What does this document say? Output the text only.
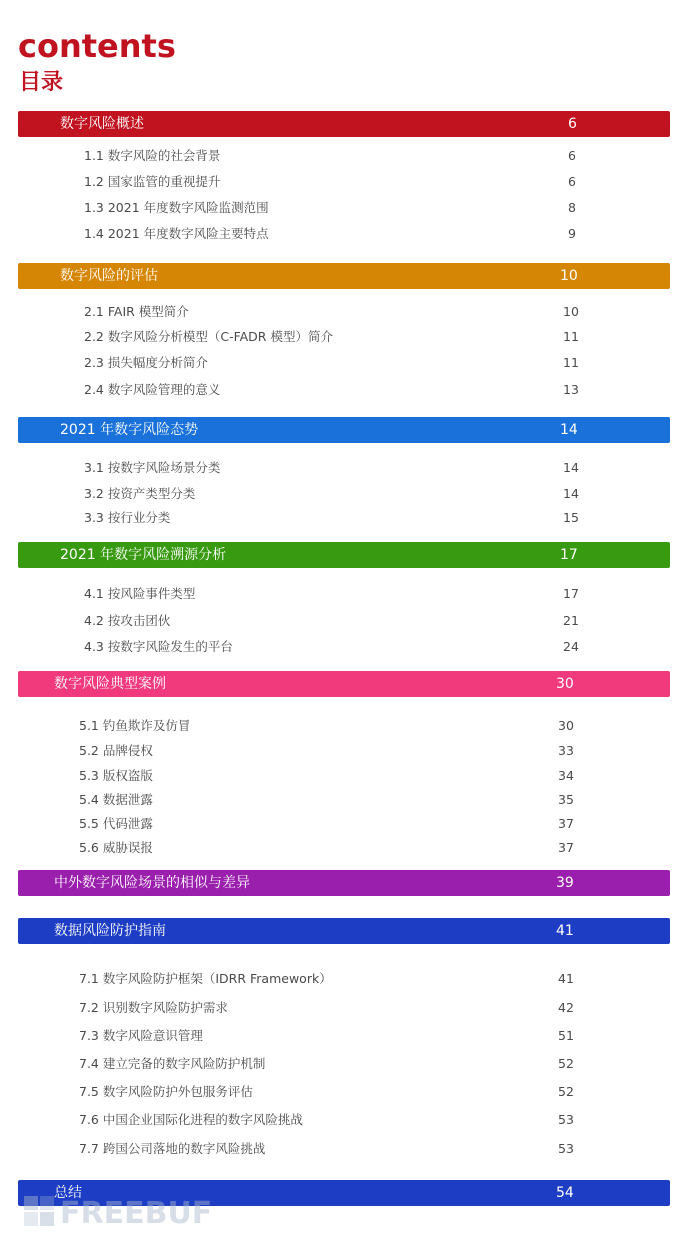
contents
目录
数字风险概述	6
1.1 数字风险的社会背景	6
1.2 国家监管的重视提升	6
1.3 2021 年度数字风险监测范围	8
1.4 2021 年度数字风险主要特点	9
数字风险的评估	10
2.1 FAIR 模型简介	10
2.2 数字风险分析模型（C-FADR 模型）简介	11
2.3 损失幅度分析简介	11
2.4 数字风险管理的意义	13
2021 年数字风险态势	14
3.1 按数字风险场景分类	14
3.2 按资产类型分类	14
3.3 按行业分类	15
2021 年数字风险溯源分析	17
4.1 按风险事件类型	17
4.2 按攻击团伙	21
4.3 按数字风险发生的平台	24
数字风险典型案例	30
5.1 钓鱼欺诈及仿冒	30
5.2 品牌侵权	33
5.3 版权盗版	34
5.4 数据泄露	35
5.5 代码泄露	37
5.6 威胁误报	37
中外数字风险场景的相似与差异	39
数据风险防护指南	41
7.1 数字风险防护框架（IDRR Framework）	41
7.2 识别数字风险防护需求	42
7.3 数字风险意识管理	51
7.4 建立完备的数字风险防护机制	52
7.5 数字风险防护外包服务评估	52
7.6 中国企业国际化进程的数字风险挑战	53
7.7 跨国公司落地的数字风险挑战	53
总结	54
FREEBUF
